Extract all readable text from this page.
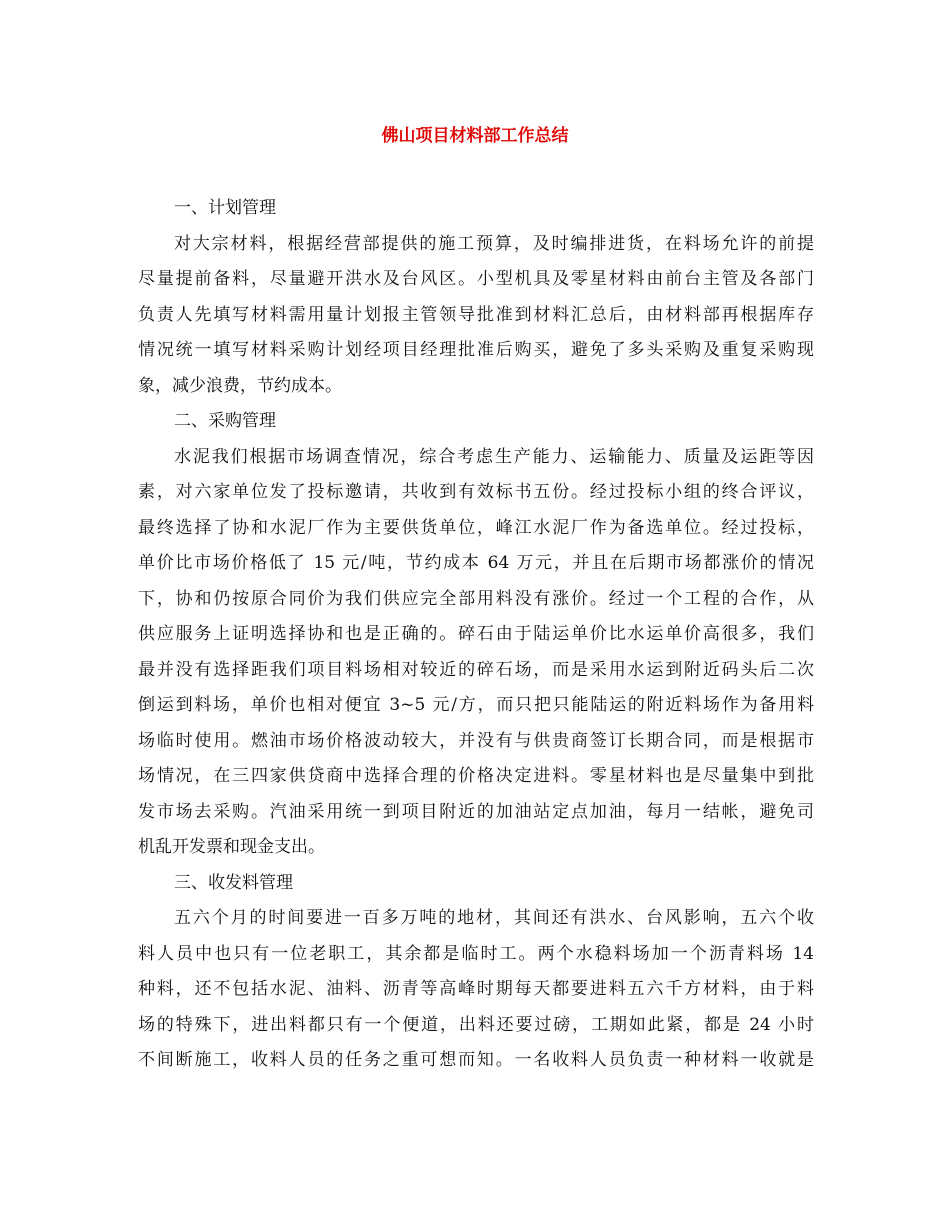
佛山项目材料部工作总结
一、计划管理
对大宗材料，根据经营部提供的施工预算，及时编排进货，在料场允许的前提
尽量提前备料，尽量避开洪水及台风区。小型机具及零星材料由前台主管及各部门
负责人先填写材料需用量计划报主管领导批准到材料汇总后，由材料部再根据库存
情况统一填写材料采购计划经项目经理批准后购买，避免了多头采购及重复采购现
象，减少浪费，节约成本。
二、采购管理
水泥我们根据市场调查情况，综合考虑生产能力、运输能力、质量及运距等因
素，对六家单位发了投标邀请，共收到有效标书五份。经过投标小组的终合评议，
最终选择了协和水泥厂作为主要供货单位，峰江水泥厂作为备选单位。经过投标，
单价比市场价格低了 15 元/吨，节约成本 64 万元，并且在后期市场都涨价的情况
下，协和仍按原合同价为我们供应完全部用料没有涨价。经过一个工程的合作，从
供应服务上证明选择协和也是正确的。碎石由于陆运单价比水运单价高很多，我们
最并没有选择距我们项目料场相对较近的碎石场，而是采用水运到附近码头后二次
倒运到料场，单价也相对便宜 3~5 元/方，而只把只能陆运的附近料场作为备用料
场临时使用。燃油市场价格波动较大，并没有与供贵商签订长期合同，而是根据市
场情况，在三四家供贷商中选择合理的价格决定进料。零星材料也是尽量集中到批
发市场去采购。汽油采用统一到项目附近的加油站定点加油，每月一结帐，避免司
机乱开发票和现金支出。
三、收发料管理
五六个月的时间要进一百多万吨的地材，其间还有洪水、台风影响，五六个收
料人员中也只有一位老职工，其余都是临时工。两个水稳料场加一个沥青料场 14
种料，还不包括水泥、油料、沥青等高峰时期每天都要进料五六千方材料，由于料
场的特殊下，进出料都只有一个便道，出料还要过磅，工期如此紧，都是 24 小时
不间断施工，收料人员的任务之重可想而知。一名收料人员负责一种材料一收就是
